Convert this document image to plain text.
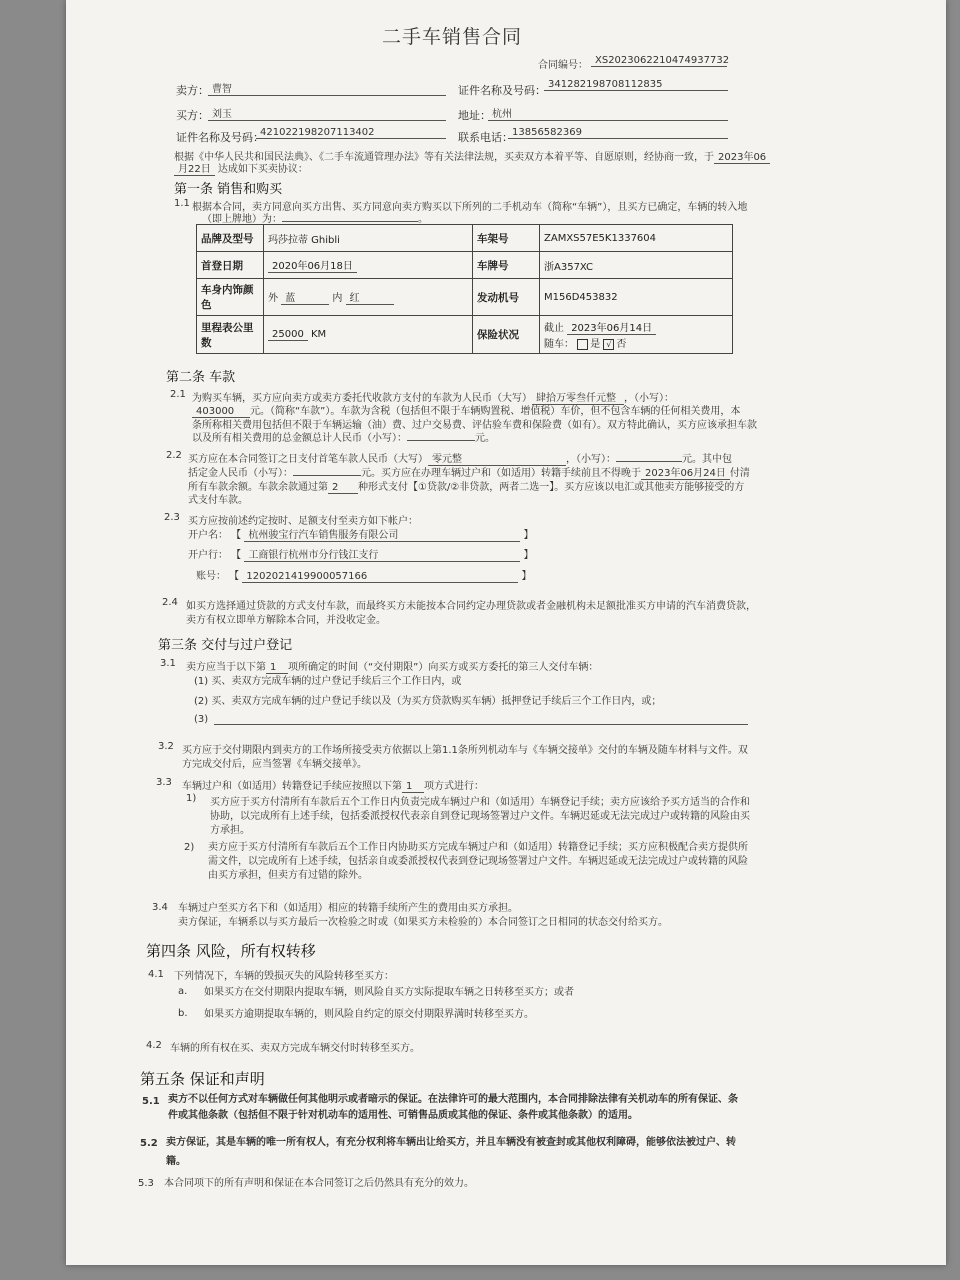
二手车销售合同
合同编号： XS20230622104749377​32
卖方： 曹智	证件名称及号码： 341282198708112835
买方： 刘玉	地址： 杭州
证件名称及号码：
421022198207113402	联系电话： 13856582369
根据《中华人民共和国民法典》、《二手车流通管理办法》等有关法律法规，买卖双方本着平等、自愿原则，经协商一致，于 2023年06
月22日 达成如下买卖协议：
第一条 销售和购买
1.1 根据本合同，卖方同意向买方出售、买方同意向卖方购买以下所列的二手机动车（简称“车辆”），且买方已确定，车辆的转入地
（即上牌地）为：	。
品牌及型号	玛莎拉蒂 Ghibli	车架号	ZAMXS57E5K1337604
首登日期	2020年06月18日	车牌号	浙A357XC
车身内饰颜色	外 蓝 内 红	发动机号	M156D453832
里程表公里数	25000 KM	保险状况	截止 2023年06月14日
随车： 是 √ 否
第二条 车款
2.1 为购买车辆，买方应向卖方或卖方委托代收款方支付的车款为人民币（大写） 肆拾万零叁仟元整 ，（小写）：
403000 元。（简称“车款”）。车款为含税（包括但不限于车辆购置税、增值税）车价，但不包含车辆的任何相关费用，本
条所称相关费用包括但不限于车辆运输（油）费、过户交易费、评估验车费和保险费（如有）。双方特此确认，买方应该承担车款
以及所有相关费用的总金额总计人民币（小写）：	元。
2.2 买方应在本合同签订之日支付首笔车款人民币（大写） 零元整	，（小写）：	元。其中包
括定金人民币（小写）：	元。买方应在办理车辆过户和（如适用）转籍手续前且不得晚于 2023年06月24日 付清
所有车款余额。车款余款通过第 2 种形式支付【①贷款/②非贷款，两者二选一】。买方应该以电汇或其他卖方能够接受的方
式支付车款。
2.3 买方应按前述约定按时、足额支付至卖方如下帐户：
开户名： 【 杭州骏宝行汽车销售服务有限公司	】
开户行： 【 工商银行杭州市分行钱江支行	】
账号： 【 1202021419900057166	】
2.4 如买方选择通过贷款的方式支付车款，而最终买方未能按本合同约定办理贷款或者金融机构未足额批准买方申请的汽车消费贷款，
卖方有权立即单方解除本合同，并没收定金。
第三条 交付与过户登记
3.1 卖方应当于以下第 1 项所确定的时间（“交付期限”）向买方或买方委托的第三人交付车辆：
(1) 买、卖双方完成车辆的过户登记手续后三个工作日内，或
(2) 买、卖双方完成车辆的过户登记手续以及（为买方贷款购买车辆）抵押登记手续后三个工作日内，或；
(3)
3.2 买方应于交付期限内到卖方的工作场所接受卖方依据以上第1.1条所列机动车与《车辆交接单》交付的车辆及随车材料与文件。双
方完成交付后，应当签署《车辆交接单》。
3.3 车辆过户和（如适用）转籍登记手续应按照以下第 1 项方式进行：
1) 买方应于买方付清所有车款后五个工作日内负责完成车辆过户和（如适用）车辆登记手续；卖方应该给予买方适当的合作和
协助，以完成所有上述手续，包括委派授权代表亲自到登记现场签署过户文件。车辆迟延或无法完成过户或转籍的风险由买
方承担。
2) 卖方应于买方付清所有车款后五个工作日内协助买方完成车辆过户和（如适用）转籍登记手续；买方应积极配合卖方提供所
需文件，以完成所有上述手续，包括亲自或委派授权代表到登记现场签署过户文件。车辆迟延或无法完成过户或转籍的风险
由买方承担，但卖方有过错的除外。
3.4 车辆过户至买方名下和（如适用）相应的转籍手续所产生的费用由买方承担。
卖方保证，车辆系以与买方最后一次检验之时或（如果买方未检验的）本合同签订之日相同的状态交付给买方。
第四条 风险，所有权转移
4.1 下列情况下，车辆的毁损灭失的风险转移至买方：
a. 如果买方在交付期限内提取车辆，则风险自买方实际提取车辆之日转移至买方；或者
b. 如果买方逾期提取车辆的，则风险自约定的原交付期限界满时转移至买方。
4.2 车辆的所有权在买、卖双方完成车辆交付时转移至买方。
第五条 保证和声明
5.1 卖方不以任何方式对车辆做任何其他明示或者暗示的保证。在法律许可的最大范围内，本合同排除法律有关机动车的所有保证、条
件或其他条款（包括但不限于针对机动车的适用性、可销售品质或其他的保证、条件或其他条款）的适用。
5.2 卖方保证，其是车辆的唯一所有权人，有充分权利将车辆出让给买方，并且车辆没有被查封或其他权利障碍，能够依法被过户、转
籍。
5.3 本合同项下的所有声明和保证在本合同签订之后仍然具有充分的效力。
